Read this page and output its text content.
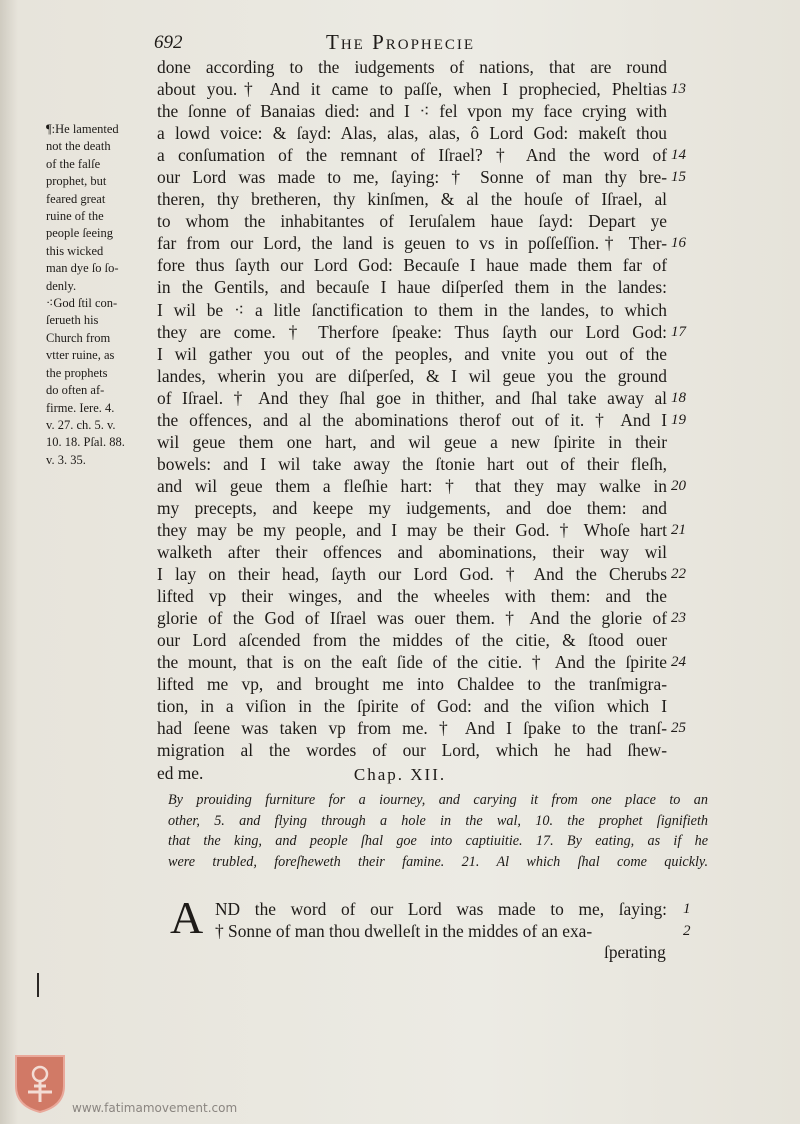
692	The Prophecie
¶:He lamented
not the death
of the falſe
prophet, but
feared great
ruine of the
people ſeeing
this wicked
man dye ſo ſo-
denly.
⁖God ſtil con-
ſerueth his
Church from
vtter ruine, as
the prophets
do often af-
firme. Iere. 4.
v. 27. ch. 5. v.
10. 18. Pſal. 88.
v. 3. 35.
done according to the iudgements of nations, that are round
about you.† And it came to paſſe, when I prophecied, Pheltias
the ſonne of Banaias died: and I ⁖ fel vpon my face crying with
a lowd voice: & ſayd: Alas, alas, alas, ô Lord God: makeſt thou
a conſumation of the remnant of Iſrael? † And the word of
our Lord was made to me, ſaying: † Sonne of man thy bre-
theren, thy bretheren, thy kinſmen, & al the houſe of Iſrael, al
to whom the inhabitantes of Ieruſalem haue ſayd: Depart ye
far from our Lord, the land is geuen to vs in poſſeſſion.† Ther-
fore thus ſayth our Lord God: Becauſe I haue made them far of
in the Gentils, and becauſe I haue diſperſed them in the landes:
I wil be ⁖ a litle ſanctification to them in the landes, to which
they are come. † Therfore ſpeake: Thus ſayth our Lord God:
I wil gather you out of the peoples, and vnite you out of the
landes, wherin you are diſperſed, & I wil geue you the ground
of Iſrael. † And they ſhal goe in thither, and ſhal take away al
the offences, and al the abominations therof out of it. † And I
wil geue them one hart, and wil geue a new ſpirite in their
bowels: and I wil take away the ſtonie hart out of their fleſh,
and wil geue them a fleſhie hart: † that they may walke in
my precepts, and keepe my iudgements, and doe them: and
they may be my people, and I may be their God. † Whoſe hart
walketh after their offences and abominations, their way wil
I lay on their head, ſayth our Lord God. † And the Cherubs
lifted vp their winges, and the wheeles with them: and the
glorie of the God of Iſrael was ouer them. † And the glorie of
our Lord aſcended from the middes of the citie, & ſtood ouer
the mount, that is on the eaſt ſide of the citie. † And the ſpirite
lifted me vp, and brought me into Chaldee to the tranſmigra-
tion, in a viſion in the ſpirite of God: and the viſion which I
had ſeene was taken vp from me. † And I ſpake to the tranſ-
migration al the wordes of our Lord, which he had ſhew-
ed me.
13
14
15
16
17
18
19
20
21
22
23
24
25
Chap. XII.
By prouiding furniture for a iourney, and carying it from one place to an
other, 5. and flying through a hole in the wal, 10. the prophet ſignifieth
that the king, and people ſhal goe into captiuitie. 17. By eating, as if he
were trubled, foreſheweth their famine. 21. Al which ſhal come quickly.
A ND the word of our Lord was made to me, ſaying:
† Sonne of man thou dwelleſt in the middes of an exa-
1
2
ſperating
www.fatimamovement.com
